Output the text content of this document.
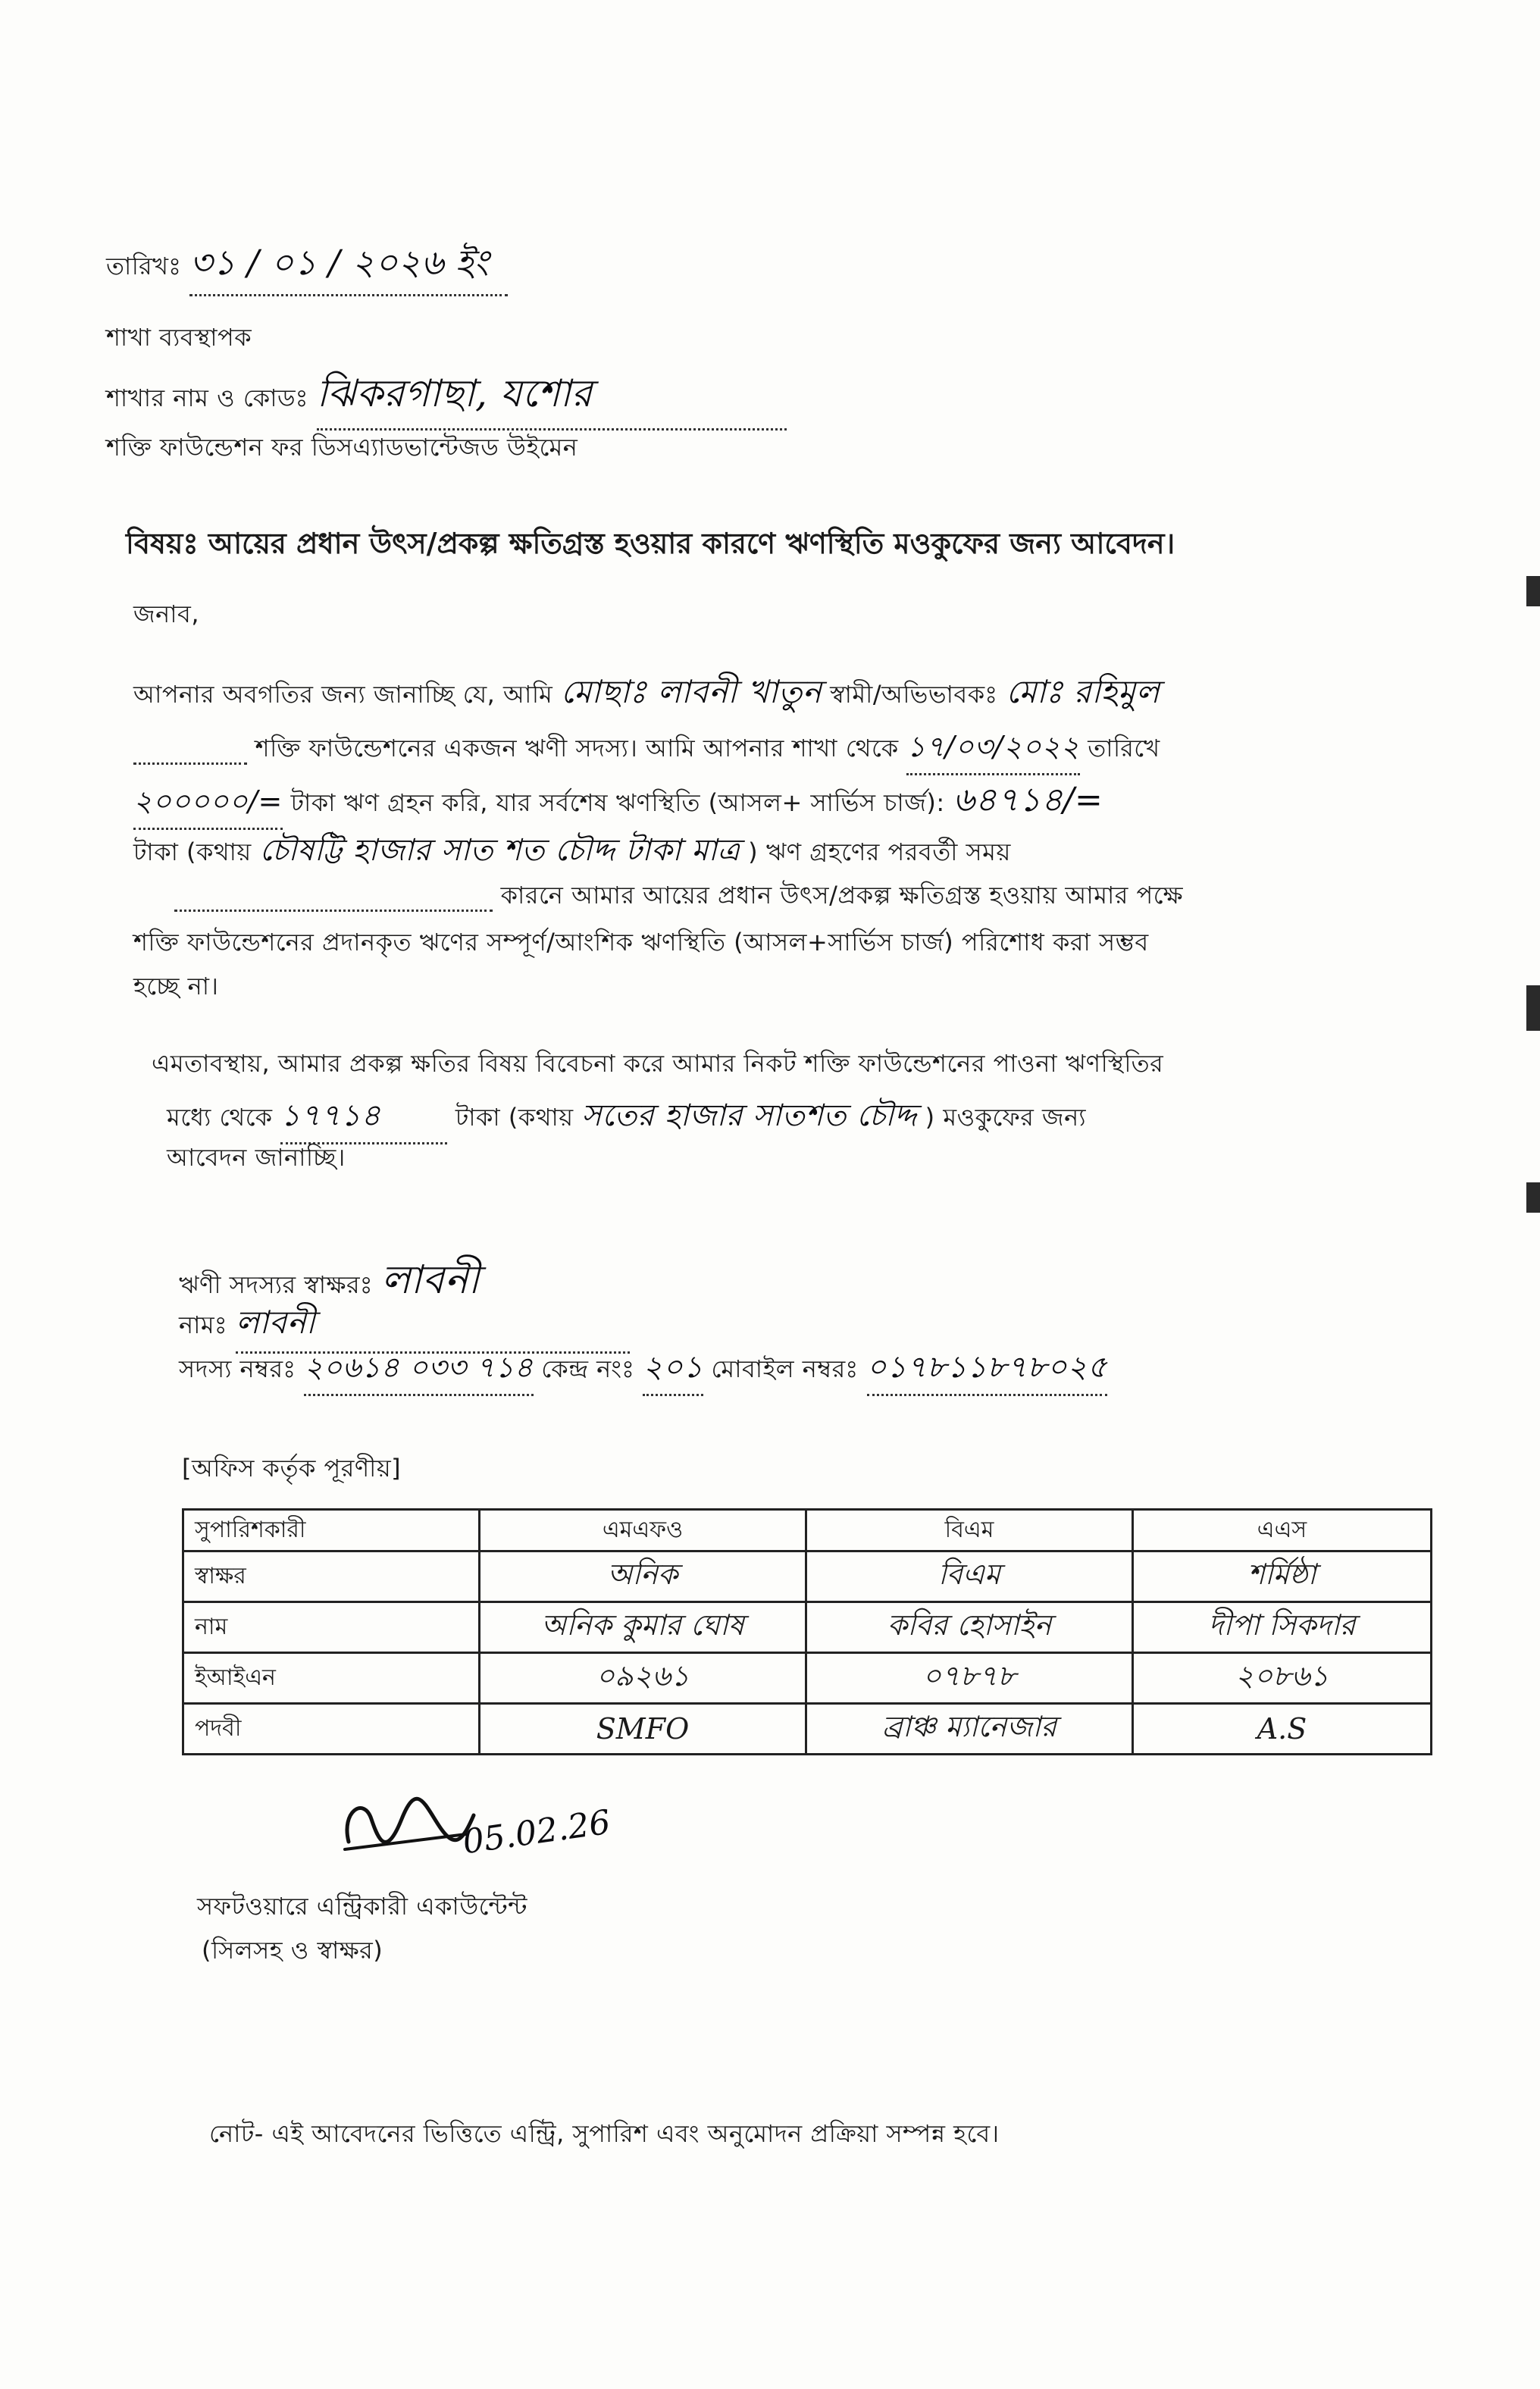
তারিখঃ ৩১ / ০১ / ২০২৬ ইং
শাখা ব্যবস্থাপক
শাখার নাম ও কোডঃ ঝিকরগাছা, যশোর
শক্তি ফাউন্ডেশন ফর ডিসএ্যাডভান্টেজড উইমেন
বিষয়ঃ আয়ের প্রধান উৎস/প্রকল্প ক্ষতিগ্রস্ত হওয়ার কারণে ঋণস্থিতি মওকুফের জন্য আবেদন।
জনাব,
আপনার অবগতির জন্য জানাচ্ছি যে, আমি মোছাঃ লাবনী খাতুন স্বামী/অভিভাবকঃ মোঃ রহিমুল
শক্তি ফাউন্ডেশনের একজন ঋণী সদস্য। আমি আপনার শাখা থেকে ১৭/০৩/২০২২ তারিখে
২০০০০০/= টাকা ঋণ গ্রহন করি, যার সর্বশেষ ঋণস্থিতি (আসল+ সার্ভিস চার্জ): ৬৪৭১৪/=
টাকা (কথায় চৌষট্টি হাজার সাত শত চৌদ্দ টাকা মাত্র ) ঋণ গ্রহণের পরবর্তী সময়
কারনে আমার আয়ের প্রধান উৎস/প্রকল্প ক্ষতিগ্রস্ত হওয়ায় আমার পক্ষে
শক্তি ফাউন্ডেশনের প্রদানকৃত ঋণের সম্পূর্ণ/আংশিক ঋণস্থিতি (আসল+সার্ভিস চার্জ) পরিশোধ করা সম্ভব
হচ্ছে না।
এমতাবস্থায়, আমার প্রকল্প ক্ষতির বিষয় বিবেচনা করে আমার নিকট শক্তি ফাউন্ডেশনের পাওনা ঋণস্থিতির
মধ্যে থেকে ১৭৭১৪	টাকা (কথায় সতের হাজার সাতশত চৌদ্দ ) মওকুফের জন্য
আবেদন জানাচ্ছি।
ঋণী সদস্যর স্বাক্ষরঃ লাবনী
নামঃ লাবনী
সদস্য নম্বরঃ ২০৬১৪ ০৩৩ ৭১৪ কেন্দ্র নংঃ ২০১ মোবাইল নম্বরঃ ০১৭৮১১৮৭৮০২৫
[অফিস কর্তৃক পূরণীয়]
সুপারিশকারী	এমএফও	বিএম	এএস
স্বাক্ষর	অনিক	বিএম	শর্মিষ্ঠা
নাম	অনিক কুমার ঘোষ	কবির হোসাইন	দীপা সিকদার
ইআইএন	০৯২৬১	০৭৮৭৮	২০৮৬১
পদবী	SMFO	ব্রাঞ্চ ম্যানেজার	A.S
05.02.26
সফটওয়ারে এন্ট্রিকারী একাউন্টেন্ট
(সিলসহ ও স্বাক্ষর)
নোট- এই আবেদনের ভিত্তিতে এন্ট্রি, সুপারিশ এবং অনুমোদন প্রক্রিয়া সম্পন্ন হবে।
